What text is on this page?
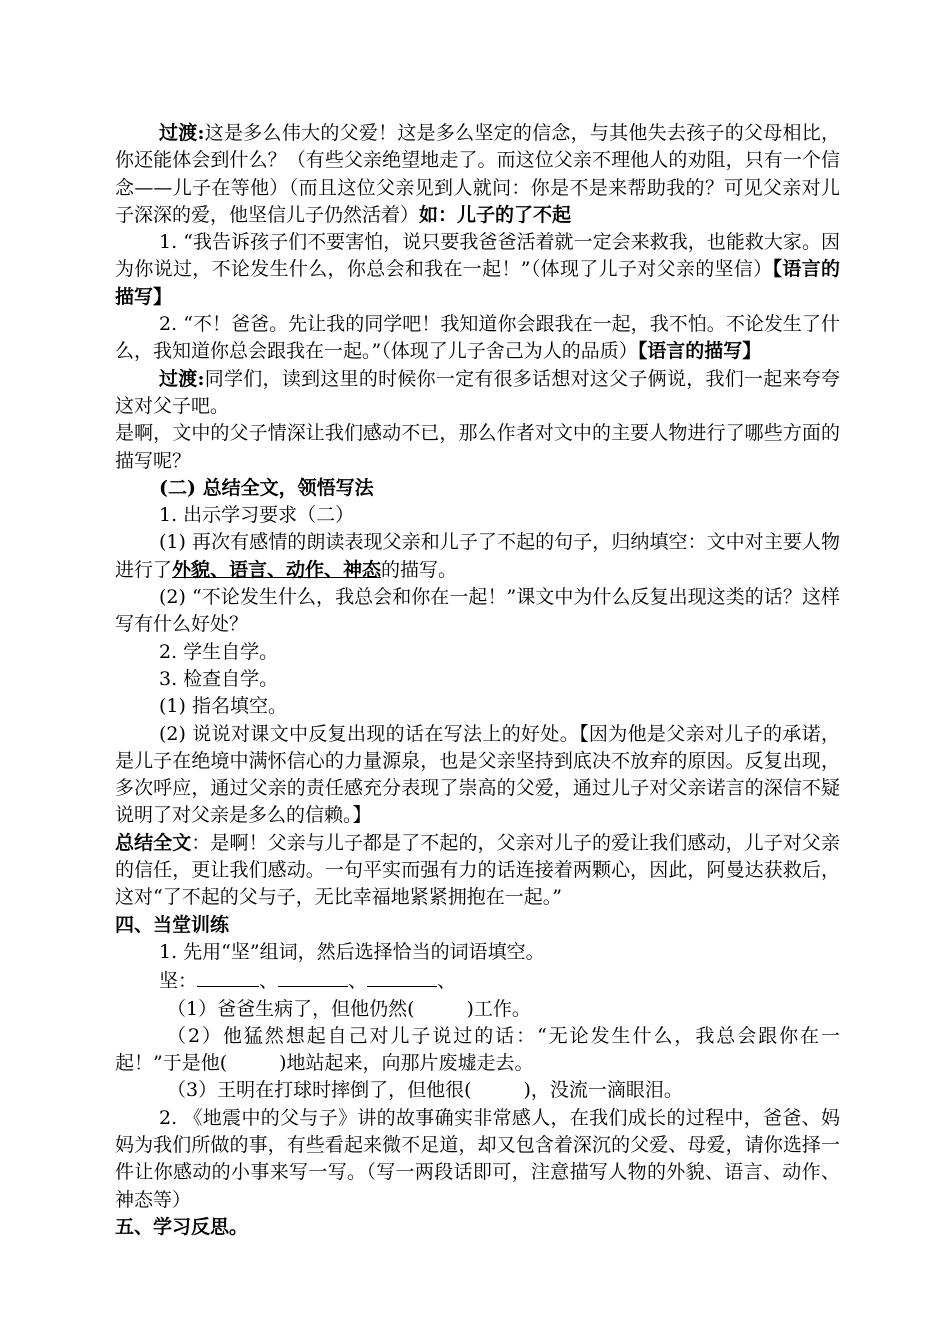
过渡:这是多么伟大的父爱！这是多么坚定的信念，与其他失去孩子的父母相比，你还能体会到什么？（有些父亲绝望地走了。而这位父亲不理他人的劝阻，只有一个信念——儿子在等他）（而且这位父亲见到人就问：你是不是来帮助我的？可见父亲对儿子深深的爱，他坚信儿子仍然活着）如：儿子的了不起

1. “我告诉孩子们不要害怕，说只要我爸爸活着就一定会来救我，也能救大家。因为你说过，不论发生什么，你总会和我在一起！”（体现了儿子对父亲的坚信）【语言的描写】

2. “不！爸爸。先让我的同学吧！我知道你会跟我在一起，我不怕。不论发生了什么，我知道你总会跟我在一起。”（体现了儿子舍己为人的品质）【语言的描写】

过渡:同学们，读到这里的时候你一定有很多话想对这父子俩说，我们一起来夸夸这对父子吧。

是啊，文中的父子情深让我们感动不已，那么作者对文中的主要人物进行了哪些方面的描写呢？

(二) 总结全文，领悟写法

1. 出示学习要求（二）

(1) 再次有感情的朗读表现父亲和儿子了不起的句子，归纳填空：文中对主要人物进行了外貌、语言、动作、神态的描写。

(2) “不论发生什么，我总会和你在一起！”课文中为什么反复出现这类的话？这样写有什么好处？

2. 学生自学。

3. 检查自学。

(1) 指名填空。

(2) 说说对课文中反复出现的话在写法上的好处。【因为他是父亲对儿子的承诺，是儿子在绝境中满怀信心的力量源泉，也是父亲坚持到底决不放弃的原因。反复出现，多次呼应，通过父亲的责任感充分表现了崇高的父爱，通过儿子对父亲诺言的深信不疑说明了对父亲是多么的信赖。】

总结全文：是啊！父亲与儿子都是了不起的，父亲对儿子的爱让我们感动，儿子对父亲的信任，更让我们感动。一句平实而强有力的话连接着两颗心，因此，阿曼达获救后，这对“了不起的父与子，无比幸福地紧紧拥抱在一起。”

四、当堂训练

1. 先用“坚”组词，然后选择恰当的词语填空。

坚：	、	、	、

（1）爸爸生病了，但他仍然(	)工作。

（2）他猛然想起自己对儿子说过的话：“无论发生什么，我总会跟你在一起！”于是他(	)地站起来，向那片废墟走去。

（3）王明在打球时摔倒了，但他很(	)，没流一滴眼泪。

2. 《地震中的父与子》讲的故事确实非常感人，在我们成长的过程中，爸爸、妈妈为我们所做的事，有些看起来微不足道，却又包含着深沉的父爱、母爱，请你选择一件让你感动的小事来写一写。（写一两段话即可，注意描写人物的外貌、语言、动作、神态等）

五、学习反思。
